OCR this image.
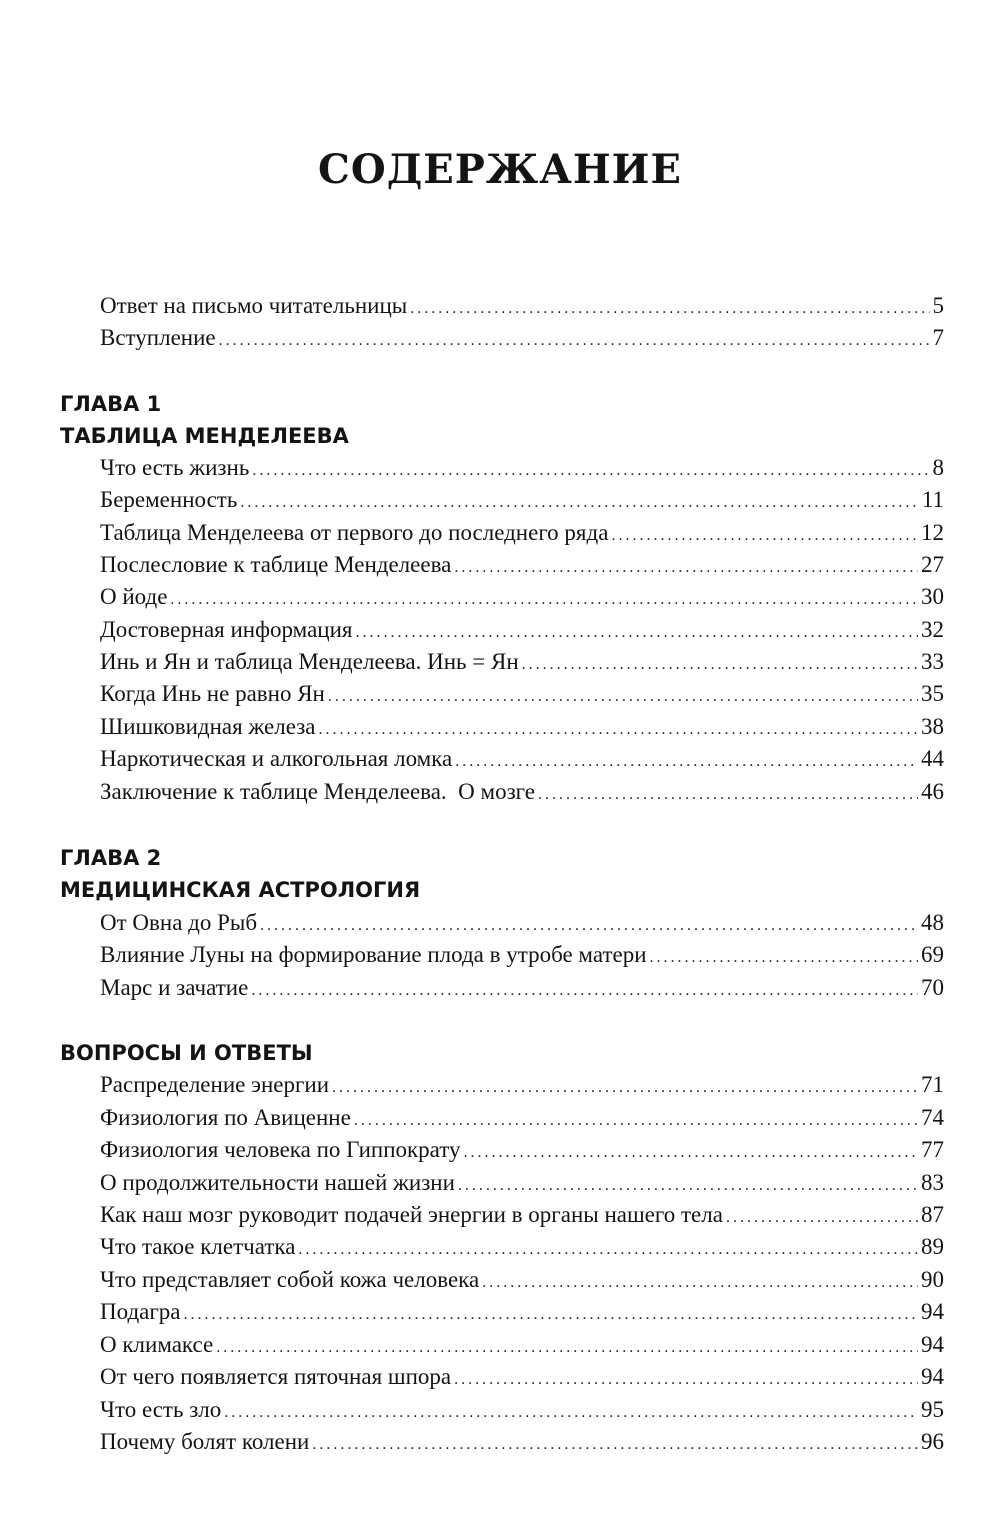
СОДЕРЖАНИЕ
Ответ на письмо читательницы . . .	5
Вступление . . .	7
ГЛАВА 1
ТАБЛИЦА МЕНДЕЛЕЕВА
Что есть жизнь . . .	8
Беременность . . .	11
Таблица Менделеева от первого до последнего ряда . . .	12
Послесловие к таблице Менделеева . . .	27
О йоде . . .	30
Достоверная информация . . .	32
Инь и Ян и таблица Менделеева. Инь = Ян . . .	33
Когда Инь не равно Ян . . .	35
Шишковидная железа . . .	38
Наркотическая и алкогольная ломка . . .	44
Заключение к таблице Менделеева.  О мозге . . .	46
ГЛАВА 2
МЕДИЦИНСКАЯ АСТРОЛОГИЯ
От Овна до Рыб . . .	48
Влияние Луны на формирование плода в утробе матери . . .	69
Марс и зачатие . . .	70
ВОПРОСЫ И ОТВЕТЫ
Распределение энергии . . .	71
Физиология по Авиценне . . .	74
Физиология человека по Гиппократу . . .	77
О продолжительности нашей жизни . . .	83
Как наш мозг руководит подачей энергии в органы нашего тела . . .	87
Что такое клетчатка . . .	89
Что представляет собой кожа человека . . .	90
Подагра . . .	94
О климаксе . . .	94
От чего появляется пяточная шпора . . .	94
Что есть зло . . .	95
Почему болят колени . . .	96
